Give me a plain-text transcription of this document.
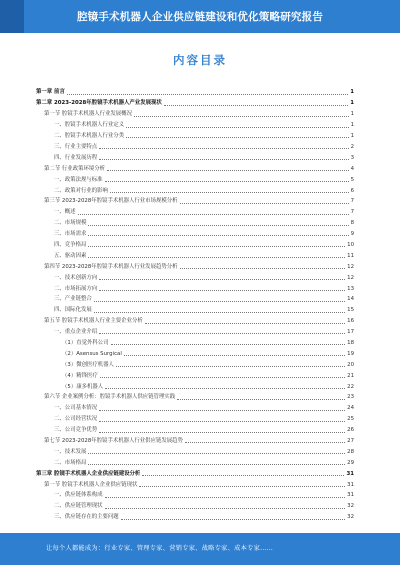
腔镜手术机器人企业供应链建设和优化策略研究报告
内容目录
第一章 前言	1
第二章 2023-2028年腔镜手术机器人产业发展现状	1
第一节 腔镜手术机器人行业发展概况	1
一、腔镜手术机器人行业定义	1
二、腔镜手术机器人行业分类	1
三、行业主要特点	2
四、行业发展历程	3
第二节 行业政策环境分析	4
一、政策法规与标准	5
二、政策对行业的影响	6
第三节 2023-2028年腔镜手术机器人行业市场规模分析	7
一、概述	7
二、市场规模	8
三、市场需求	9
四、竞争格局	10
五、驱动因素	11
第四节 2023-2028年腔镜手术机器人行业发展趋势分析	12
一、技术创新方向	12
二、市场拓展方向	13
三、产业链整合	14
四、国际化发展	15
第五节 腔镜手术机器人行业主要企业分析	16
一、重点企业介绍	17
（1）直觉外科公司	18
（2）Asensus Surgical	19
（3）微创医疗机器人	20
（4）精锋医疗	21
（5）康多机器人	22
第六节 企业案例分析：腔镜手术机器人供应链管理实践	23
一、公司基本情况	24
二、公司经营状况	25
三、公司竞争优势	26
第七节 2023-2028年腔镜手术机器人行业供应链发展趋势	27
一、技术发展	28
二、市场格局	29
第三章 腔镜手术机器人企业供应链建设分析	31
第一节 腔镜手术机器人企业供应链现状	31
一、供应链体系构成	31
二、供应链管理现状	32
三、供应链存在的主要问题	32
让每个人都能成为：行业专家、管理专家、营销专家、战略专家、成本专家……
